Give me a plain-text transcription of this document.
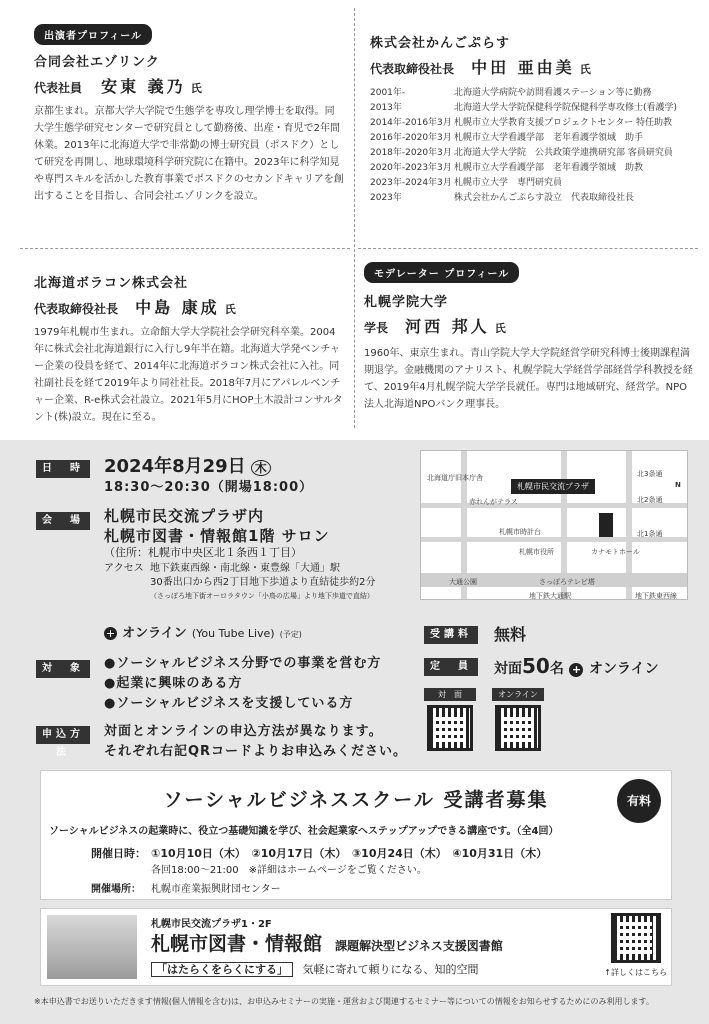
出演者プロフィール
合同会社エゾリンク
代表社員 安東 義乃 氏
京都生まれ。京都大学大学院で生態学を専攻し理学博士を取得。同大学生態学研究センターで研究員として勤務後、出産・育児で2年間休業。2013年に北海道大学で非常勤の博士研究員（ポスドク）として研究を再開し、地球環境科学研究院に在籍中。2023年に科学知見や専門スキルを活かした教育事業でポスドクのセカンドキャリアを創出することを目指し、合同会社エゾリンクを設立。
株式会社かんごぷらす
代表取締役社長 中田 亜由美 氏
2001年-	北海道大学病院や訪問看護ステーション等に勤務
2013年	北海道大学大学院保健科学院保健科学専攻修士(看護学)
2014年-2016年3月 札幌市立大学教育支援プロジェクトセンター 特任助教
2016年-2020年3月 札幌市立大学看護学部　老年看護学領域　助手
2018年-2020年3月 北海道大学大学院　公共政策学連携研究部 客員研究員
2020年-2023年3月 札幌市立大学看護学部　老年看護学領域　助教
2023年-2024年3月 札幌市立大学　専門研究員
2023年	株式会社かんごぷらす設立　代表取締役社長
北海道ボラコン株式会社
代表取締役社長 中島 康成 氏
1979年札幌市生まれ。立命館大学大学院社会学研究科卒業。2004年に株式会社北海道銀行に入行し9年半在籍。北海道大学発ベンチャー企業の役員を経て、2014年に北海道ボラコン株式会社に入社。同社副社長を経て2019年より同社社長。2018年7月にアパレルベンチャー企業、R-e株式会社設立。2021年5月にHOP土木設計コンサルタント(株)設立。現在に至る。
モデレーター プロフィール
札幌学院大学
学長 河西 邦人 氏
1960年、東京生まれ。青山学院大学大学院経営学研究科博士後期課程満期退学。金融機関のアナリスト、札幌学院大学経営学部経営学科教授を経て、2019年4月札幌学院大学学長就任。専門は地域研究、経営学。NPO法人北海道NPOバンク理事長。
日　時	2024年8月29日 木
18:30〜20:30（開場18:00）
会　場	札幌市民交流プラザ内
札幌市図書・情報館1階 サロン
（住所：札幌市中央区北１条西１丁目）
アクセス 地下鉄東西線・南北線・東豊線「大通」駅
30番出口から西2丁目地下歩道より直結徒歩約2分
（さっぽろ地下街オーロラタウン「小鳥の広場」より地下歩道で直結）
+ オンライン (You Tube Live) (予定)
札幌市民交流プラザ
北海道庁旧本庁舎
赤れんがテラス
札幌市時計台
札幌市役所	カナモトホール
大通公園	さっぽろテレビ塔
地下鉄大通駅	地下鉄東西線
北3条通
北2条通
北1条通
N
受講料	無料
定　員	対面50名 + オンライン
対　面	オンライン
対　象	●ソーシャルビジネス分野での事業を営む方
●起業に興味のある方
●ソーシャルビジネスを支援している方
申込方法
対面とオンラインの申込方法が異なります。
それぞれ右記QRコードよりお申込みください。
ソーシャルビジネススクール 受講者募集	有料
ソーシャルビジネスの起業時に、役立つ基礎知識を学び、社会起業家へステップアップできる講座です。（全4回）
開催日時： ①10月10日（木）　②10月17日（木）　③10月24日（木）　④10月31日（木）
各回18:00〜21:00　※詳細はホームページをご覧ください。
開催場所：	札幌市産業振興財団センター
札幌市民交流プラザ1・2F
札幌市図書・情報館 課題解決型ビジネス支援図書館
「はたらくをらくにする」 気軽に寄れて頼りになる、知的空間	↑詳しくはこちら
※本申込書でお送りいただきます情報(個人情報を含む)は、お申込みセミナーの実施・運営および関連するセミナー等についての情報をお知らせするためにのみ利用します。
